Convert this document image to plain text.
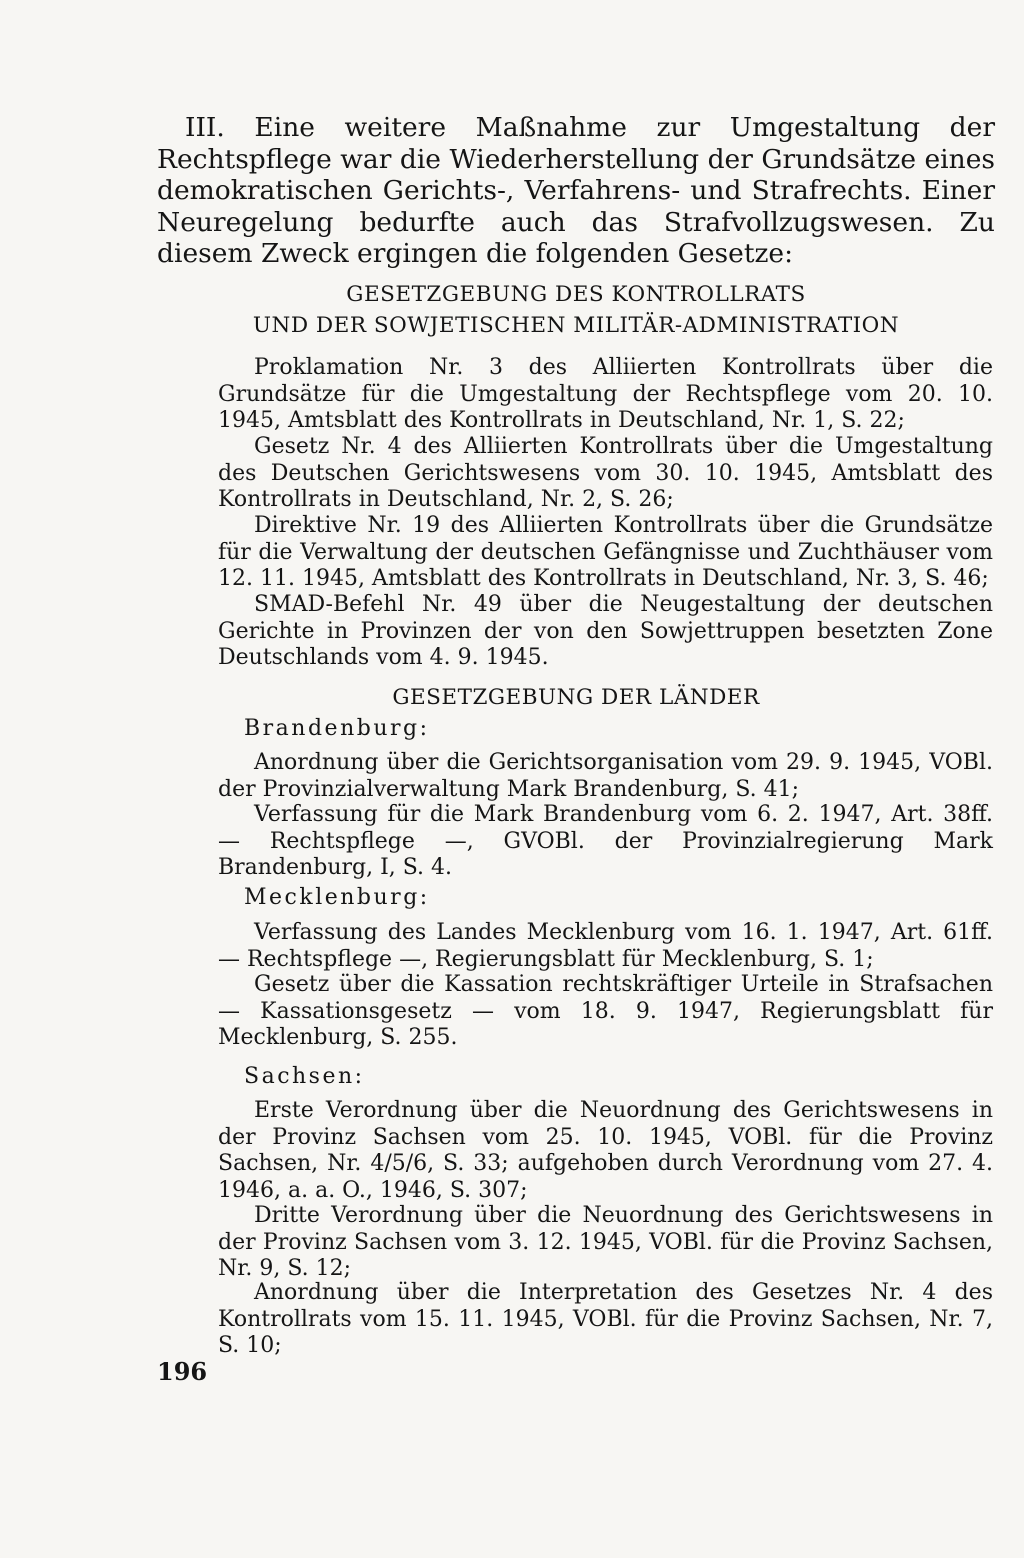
III. Eine weitere Maßnahme zur Umgestaltung der Rechtspflege war die Wiederherstellung der Grundsätze eines demokratischen Gerichts-, Verfahrens- und Strafrechts. Einer Neuregelung bedurfte auch das Strafvollzugswesen. Zu diesem Zweck ergingen die folgenden Gesetze:

GESETZGEBUNG DES KONTROLLRATS

UND DER SOWJETISCHEN MILITÄR-ADMINISTRATION

Proklamation Nr. 3 des Alliierten Kontrollrats über die Grundsätze für die Umgestaltung der Rechtspflege vom 20. 10. 1945, Amtsblatt des Kontrollrats in Deutschland, Nr. 1, S. 22;

Gesetz Nr. 4 des Alliierten Kontrollrats über die Umgestaltung des Deutschen Gerichtswesens vom 30. 10. 1945, Amtsblatt des Kontrollrats in Deutschland, Nr. 2, S. 26;

Direktive Nr. 19 des Alliierten Kontrollrats über die Grundsätze für die Verwaltung der deutschen Gefängnisse und Zuchthäuser vom 12. 11. 1945, Amtsblatt des Kontrollrats in Deutschland, Nr. 3, S. 46;

SMAD-Befehl Nr. 49 über die Neugestaltung der deutschen Gerichte in Provinzen der von den Sowjettruppen besetzten Zone Deutschlands vom 4. 9. 1945.

GESETZGEBUNG DER LÄNDER

Brandenburg:

Anordnung über die Gerichtsorganisation vom 29. 9. 1945, VOBl. der Provinzialverwaltung Mark Brandenburg, S. 41;

Verfassung für die Mark Brandenburg vom 6. 2. 1947, Art. 38ff. — Rechtspflege —, GVOBl. der Provinzialregierung Mark Brandenburg, I, S. 4.

Mecklenburg:

Verfassung des Landes Mecklenburg vom 16. 1. 1947, Art. 61ff. — Rechtspflege —, Regierungsblatt für Mecklenburg, S. 1;

Gesetz über die Kassation rechtskräftiger Urteile in Strafsachen — Kassationsgesetz — vom 18. 9. 1947, Regierungsblatt für Mecklenburg, S. 255.

Sachsen:

Erste Verordnung über die Neuordnung des Gerichtswesens in der Provinz Sachsen vom 25. 10. 1945, VOBl. für die Provinz Sachsen, Nr. 4/5/6, S. 33; aufgehoben durch Verordnung vom 27. 4. 1946, a. a. O., 1946, S. 307;

Dritte Verordnung über die Neuordnung des Gerichtswesens in der Provinz Sachsen vom 3. 12. 1945, VOBl. für die Provinz Sachsen, Nr. 9, S. 12;

Anordnung über die Interpretation des Gesetzes Nr. 4 des Kontrollrats vom 15. 11. 1945, VOBl. für die Provinz Sachsen, Nr. 7, S. 10;

196
